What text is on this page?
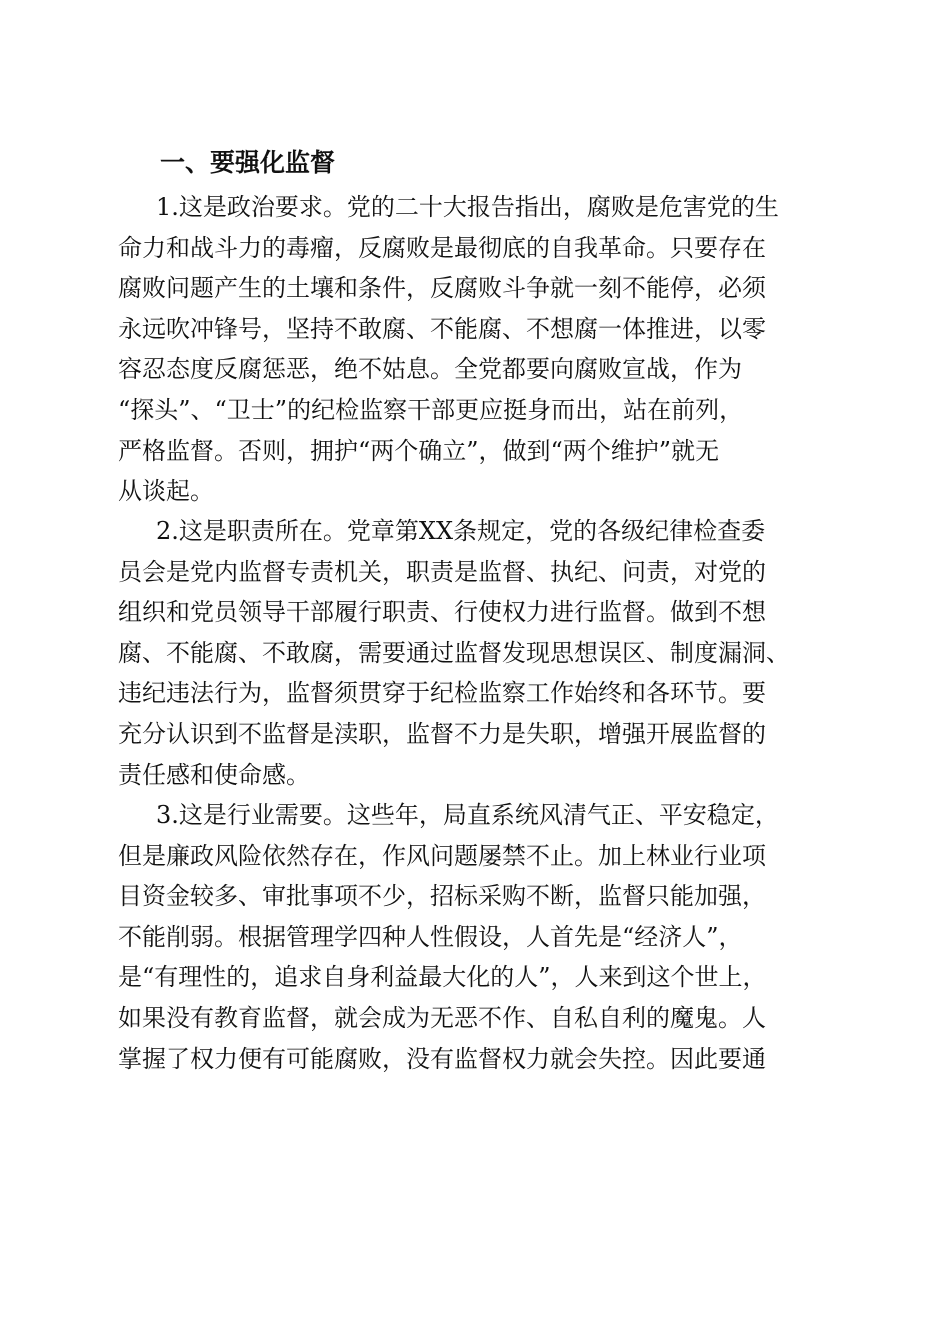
一、要强化监督
1.这是政治要求。党的二十大报告指出，腐败是危害党的生
命力和战斗力的毒瘤，反腐败是最彻底的自我革命。只要存在
腐败问题产生的土壤和条件，反腐败斗争就一刻不能停，必须
永远吹冲锋号，坚持不敢腐、不能腐、不想腐一体推进，以零
容忍态度反腐惩恶，绝不姑息。全党都要向腐败宣战，作为
“探头”、“卫士”的纪检监察干部更应挺身而出，站在前列，
严格监督。否则，拥护“两个确立”，做到“两个维护”就无
从谈起。
2.这是职责所在。党章第XX条规定，党的各级纪律检查委
员会是党内监督专责机关，职责是监督、执纪、问责，对党的
组织和党员领导干部履行职责、行使权力进行监督。做到不想
腐、不能腐、不敢腐，需要通过监督发现思想误区、制度漏洞、
违纪违法行为，监督须贯穿于纪检监察工作始终和各环节。要
充分认识到不监督是渎职，监督不力是失职，增强开展监督的
责任感和使命感。
3.这是行业需要。这些年，局直系统风清气正、平安稳定，
但是廉政风险依然存在，作风问题屡禁不止。加上林业行业项
目资金较多、审批事项不少，招标采购不断，监督只能加强，
不能削弱。根据管理学四种人性假设，人首先是“经济人”，
是“有理性的，追求自身利益最大化的人”，人来到这个世上，
如果没有教育监督，就会成为无恶不作、自私自利的魔鬼。人
掌握了权力便有可能腐败，没有监督权力就会失控。因此要通
